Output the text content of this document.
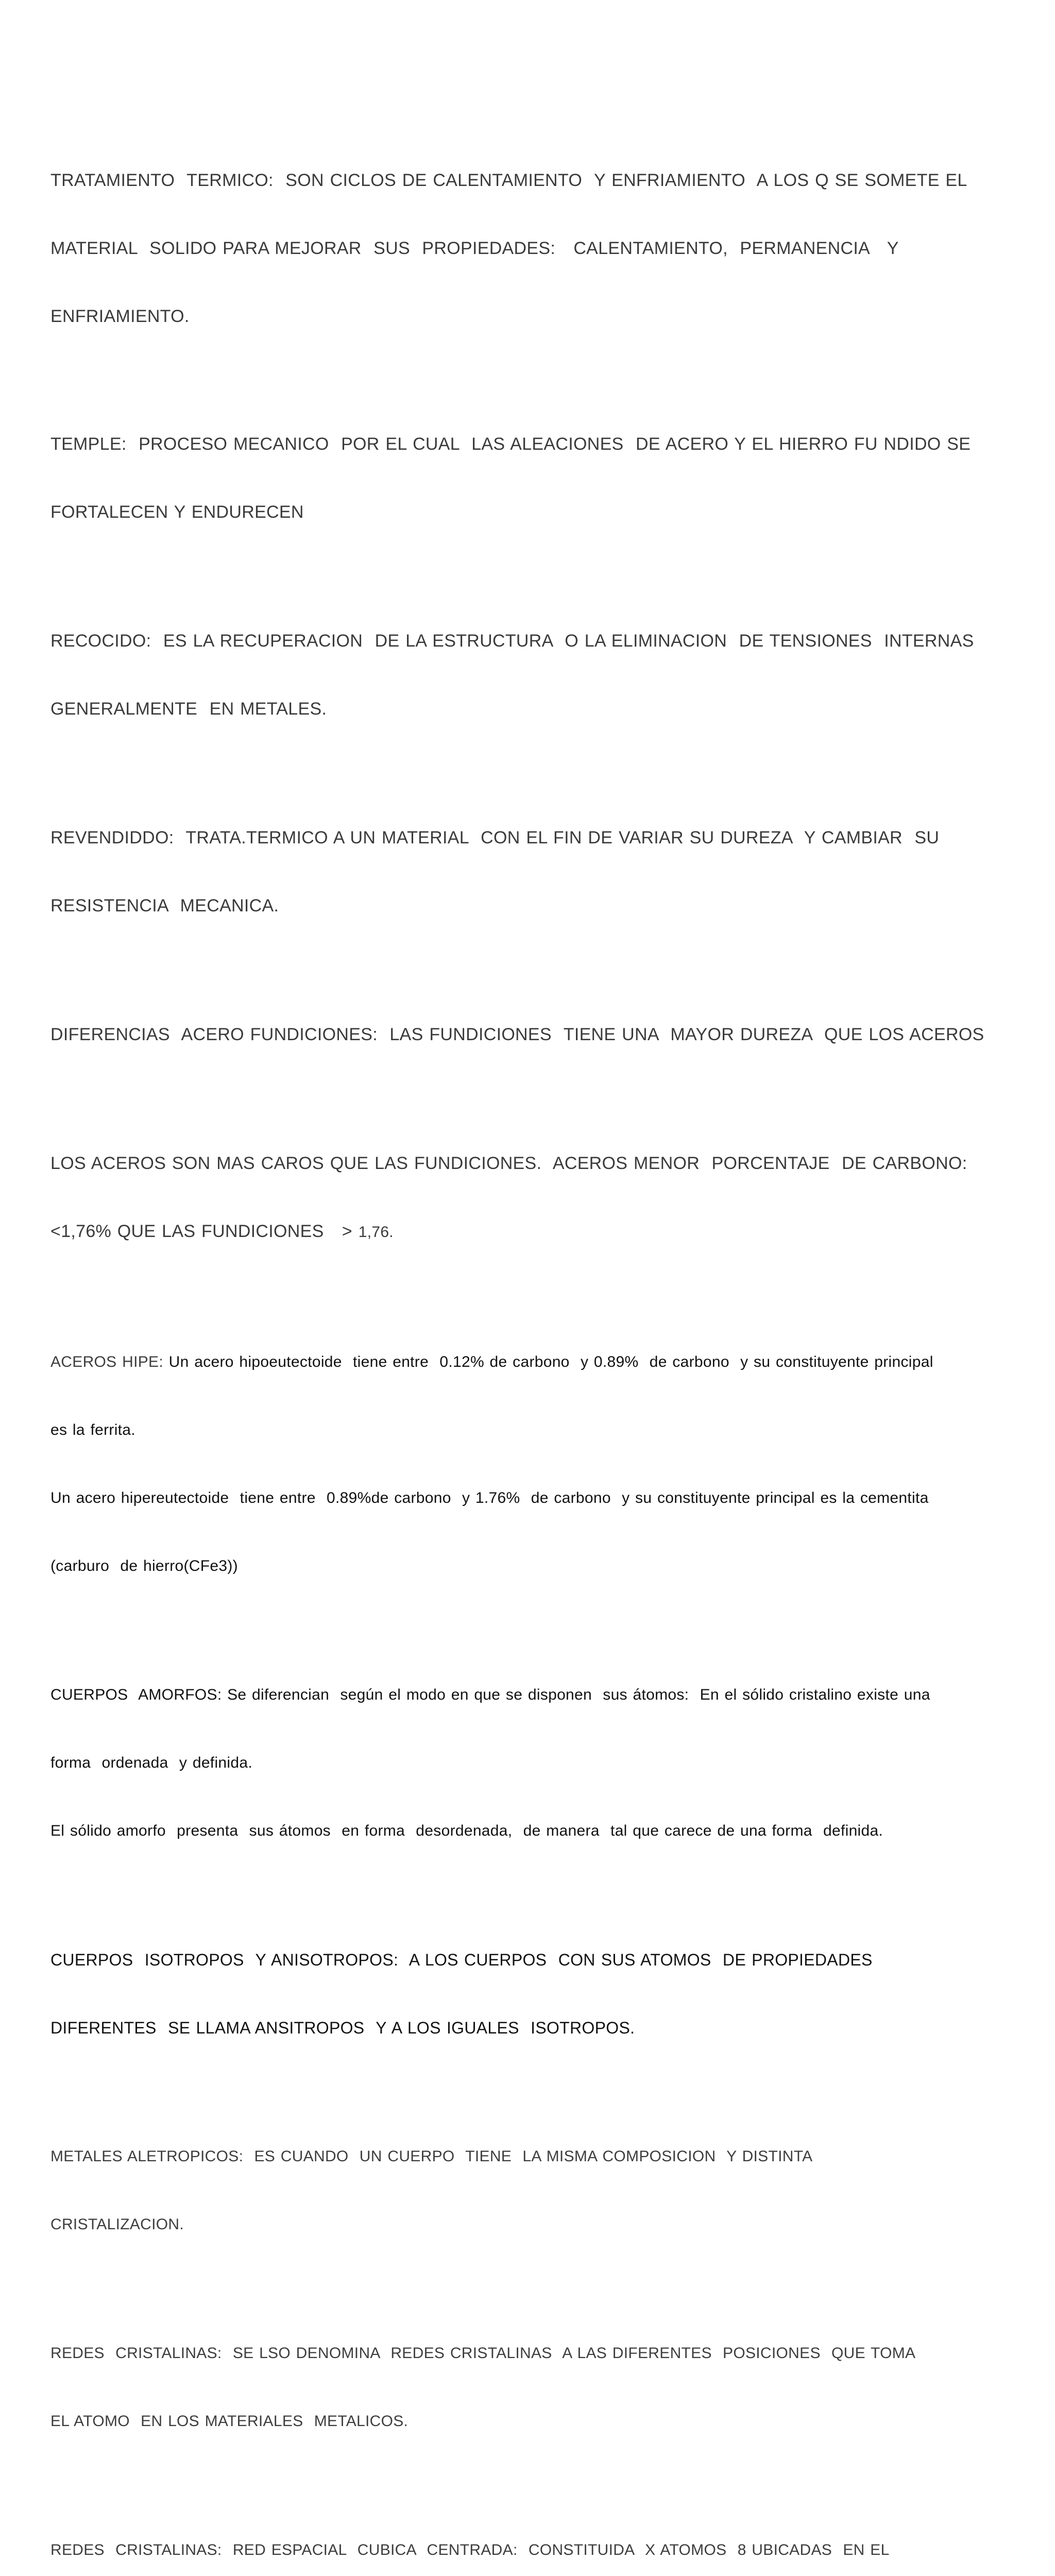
TRATAMIENTO  TERMICO:  SON CICLOS DE CALENTAMIENTO  Y ENFRIAMIENTO  A LOS Q SE SOMETE EL

MATERIAL  SOLIDO PARA MEJORAR  SUS  PROPIEDADES:   CALENTAMIENTO,  PERMANENCIA   Y

ENFRIAMIENTO.

TEMPLE:  PROCESO MECANICO  POR EL CUAL  LAS ALEACIONES  DE ACERO Y EL HIERRO FU NDIDO SE

FORTALECEN Y ENDURECEN

RECOCIDO:  ES LA RECUPERACION  DE LA ESTRUCTURA  O LA ELIMINACION  DE TENSIONES  INTERNAS

GENERALMENTE  EN METALES.

REVENDIDDO:  TRATA.TERMICO A UN MATERIAL  CON EL FIN DE VARIAR SU DUREZA  Y CAMBIAR  SU

RESISTENCIA  MECANICA.

DIFERENCIAS  ACERO FUNDICIONES:  LAS FUNDICIONES  TIENE UNA  MAYOR DUREZA  QUE LOS ACEROS

LOS ACEROS SON MAS CAROS QUE LAS FUNDICIONES.  ACEROS MENOR  PORCENTAJE  DE CARBONO:

<1,76% QUE LAS FUNDICIONES   > 1,76.

ACEROS HIPE: Un acero hipoeutectoide  tiene entre  0.12% de carbono  y 0.89%  de carbono  y su constituyente principal

es la ferrita.

Un acero hipereutectoide  tiene entre  0.89%de carbono  y 1.76%  de carbono  y su constituyente principal es la cementita

(carburo  de hierro(CFe3))

CUERPOS  AMORFOS: Se diferencian  según el modo en que se disponen  sus átomos:  En el sólido cristalino existe una

forma  ordenada  y definida.

El sólido amorfo  presenta  sus átomos  en forma  desordenada,  de manera  tal que carece de una forma  definida.

CUERPOS  ISOTROPOS  Y ANISOTROPOS:  A LOS CUERPOS  CON SUS ATOMOS  DE PROPIEDADES

DIFERENTES  SE LLAMA ANSITROPOS  Y A LOS IGUALES  ISOTROPOS.

METALES ALETROPICOS:  ES CUANDO  UN CUERPO  TIENE  LA MISMA COMPOSICION  Y DISTINTA

CRISTALIZACION.

REDES  CRISTALINAS:  SE LSO DENOMINA  REDES CRISTALINAS  A LAS DIFERENTES  POSICIONES  QUE TOMA

EL ATOMO  EN LOS MATERIALES  METALICOS.

REDES  CRISTALINAS:  RED ESPACIAL  CUBICA  CENTRADA:  CONSTITUIDA  X ATOMOS  8 UBICADAS  EN EL
